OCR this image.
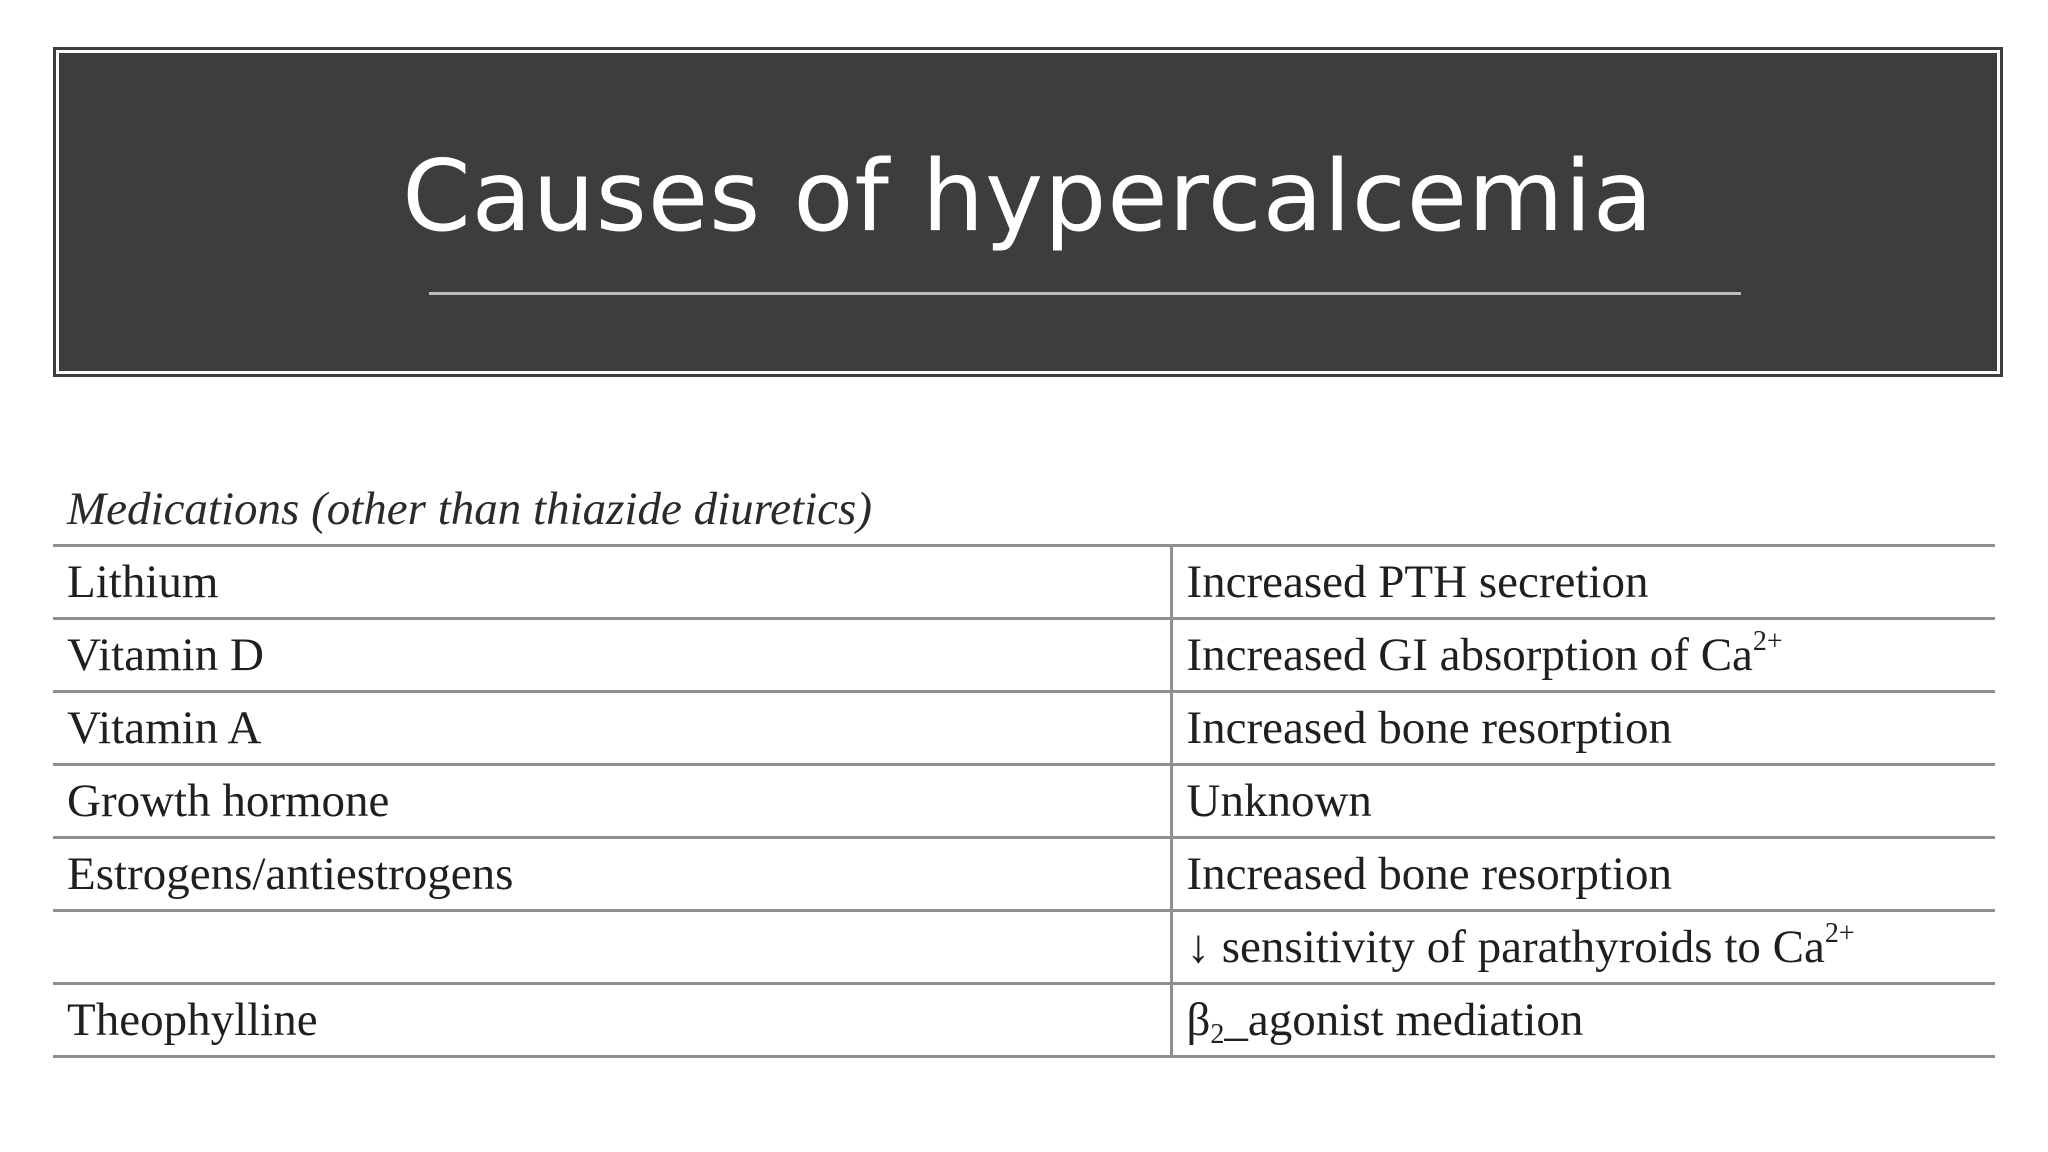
Causes of hypercalcemia
Medications (other than thiazide diuretics)
Lithium	Increased PTH secretion
Vitamin D	Increased GI absorption of $Ca^{2+}$
Vitamin A	Increased bone resorption
Growth hormone	Unknown
Estrogens/antiestrogens	Increased bone resorption
	↓ sensitivity of parathyroids to $Ca^{2+}$
Theophylline	$\beta_2\_agonist$ mediation
